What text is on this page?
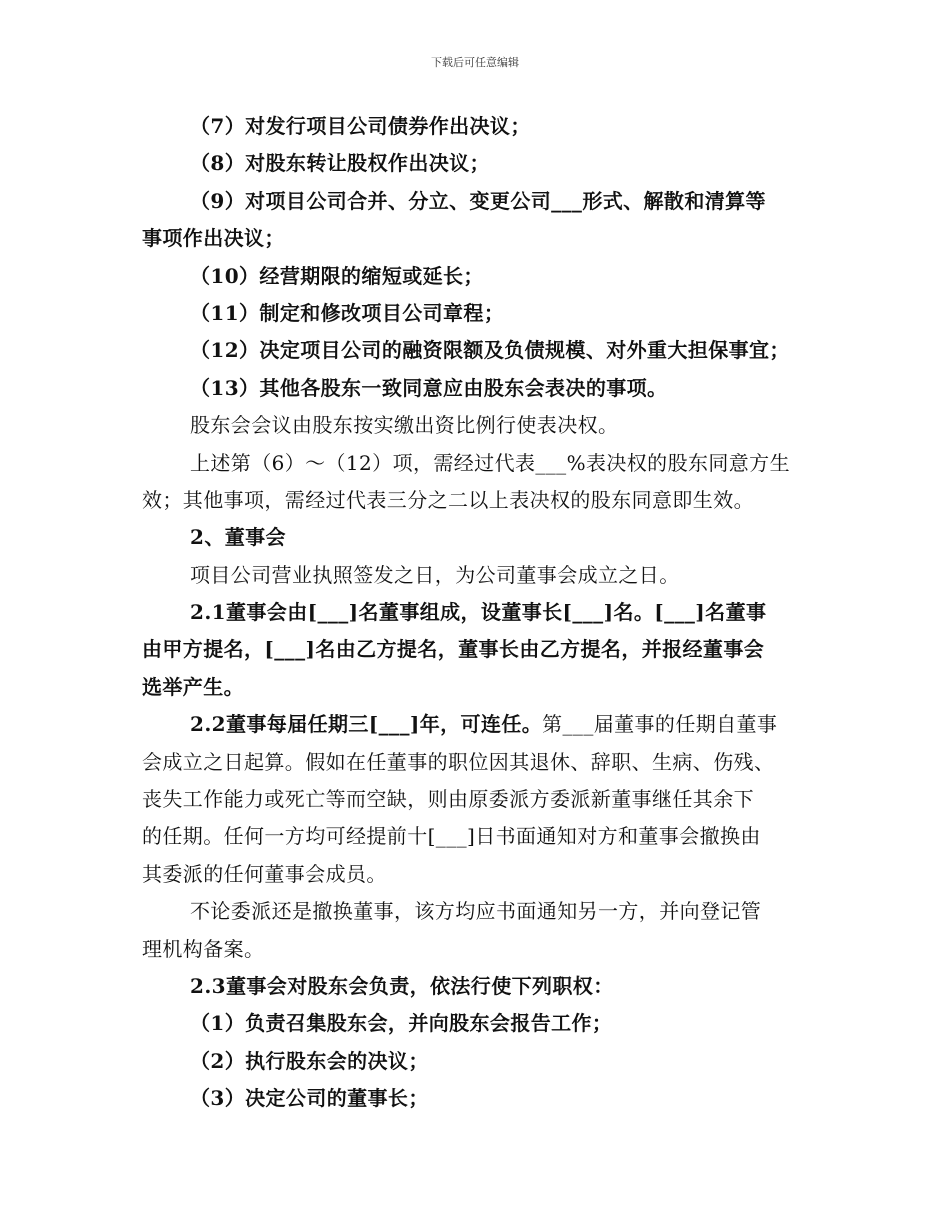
下载后可任意编辑
（7）对发行项目公司债券作出决议；
（8）对股东转让股权作出决议；
（9）对项目公司合并、分立、变更公司___形式、解散和清算等
事项作出决议；
（10）经营期限的缩短或延长；
（11）制定和修改项目公司章程；
（12）决定项目公司的融资限额及负债规模、对外重大担保事宜；
（13）其他各股东一致同意应由股东会表决的事项。
股东会会议由股东按实缴出资比例行使表决权。
上述第（6）～（12）项，需经过代表___%表决权的股东同意方生
效；其他事项，需经过代表三分之二以上表决权的股东同意即生效。
2、董事会
项目公司营业执照签发之日，为公司董事会成立之日。
2.1董事会由[___]名董事组成，设董事长[___]名。[___]名董事
由甲方提名，[___]名由乙方提名，董事长由乙方提名，并报经董事会
选举产生。
2.2董事每届任期三[___]年，可连任。第___届董事的任期自董事
会成立之日起算。假如在任董事的职位因其退休、辞职、生病、伤残、
丧失工作能力或死亡等而空缺，则由原委派方委派新董事继任其余下
的任期。任何一方均可经提前十[___]日书面通知对方和董事会撤换由
其委派的任何董事会成员。
不论委派还是撤换董事，该方均应书面通知另一方，并向登记管
理机构备案。
2.3董事会对股东会负责，依法行使下列职权：
（1）负责召集股东会，并向股东会报告工作；
（2）执行股东会的决议；
（3）决定公司的董事长；
